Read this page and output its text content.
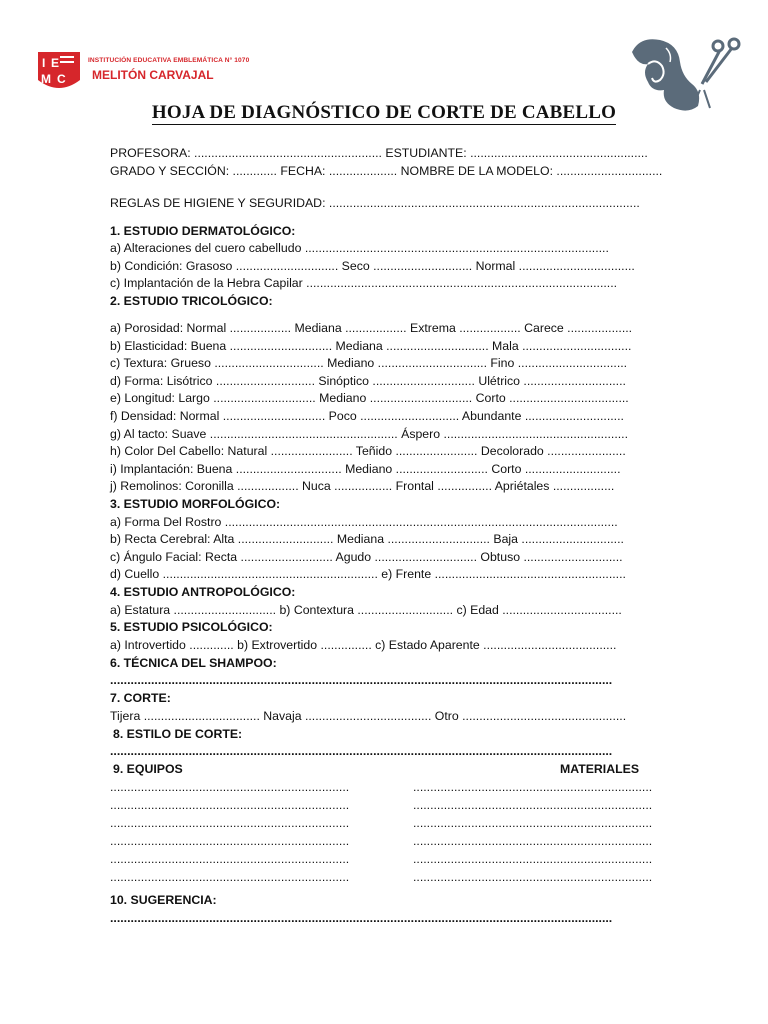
I E
M C
INSTITUCIÓN EDUCATIVA EMBLEMÁTICA N° 1070
MELITÓN CARVAJAL
HOJA DE DIAGNÓSTICO DE CORTE DE CABELLO
PROFESORA: ....................................................... ESTUDIANTE: ....................................................
GRADO Y SECCIÓN: ............. FECHA: .................... NOMBRE DE LA MODELO: ...............................
REGLAS DE HIGIENE Y SEGURIDAD: ...........................................................................................
1. ESTUDIO DERMATOLÓGICO:
a) Alteraciones del cuero cabelludo .........................................................................................
b) Condición: Grasoso .............................. Seco ............................. Normal ..................................
c) Implantación de la Hebra Capilar ...........................................................................................
2. ESTUDIO TRICOLÓGICO:
a) Porosidad: Normal .................. Mediana .................. Extrema .................. Carece ...................
b) Elasticidad: Buena .............................. Mediana .............................. Mala ................................
c) Textura: Grueso ................................ Mediano ................................ Fino ................................
d) Forma: Lisótrico ............................. Sinóptico .............................. Ulétrico ..............................
e) Longitud: Largo .............................. Mediano .............................. Corto ...................................
f) Densidad: Normal .............................. Poco ............................. Abundante .............................
g) Al tacto: Suave ....................................................... Áspero ......................................................
h) Color Del Cabello: Natural ........................ Teñido ........................ Decolorado .......................
i) Implantación: Buena ............................... Mediano ........................... Corto ............................
j) Remolinos: Coronilla .................. Nuca ................. Frontal ................ Apriétales ..................
3. ESTUDIO MORFOLÓGICO:
a) Forma Del Rostro ...................................................................................................................
b) Recta Cerebral: Alta ............................ Mediana .............................. Baja ..............................
c) Ángulo Facial: Recta ........................... Agudo .............................. Obtuso .............................
d) Cuello ............................................................... e) Frente ........................................................
4. ESTUDIO ANTROPOLÓGICO:
a) Estatura .............................. b) Contextura ............................ c) Edad ...................................
5. ESTUDIO PSICOLÓGICO:
a) Introvertido ............. b) Extrovertido ............... c) Estado Aparente .......................................
6. TÉCNICA DEL SHAMPOO:
...................................................................................................................................................
7. CORTE:
Tijera .................................. Navaja ..................................... Otro ................................................
8. ESTILO DE CORTE:
...................................................................................................................................................
9. EQUIPOS	MATERIALES
......................................................................	......................................................................
......................................................................	......................................................................
......................................................................	......................................................................
......................................................................	......................................................................
......................................................................	......................................................................
......................................................................	......................................................................
10. SUGERENCIA:
...................................................................................................................................................
